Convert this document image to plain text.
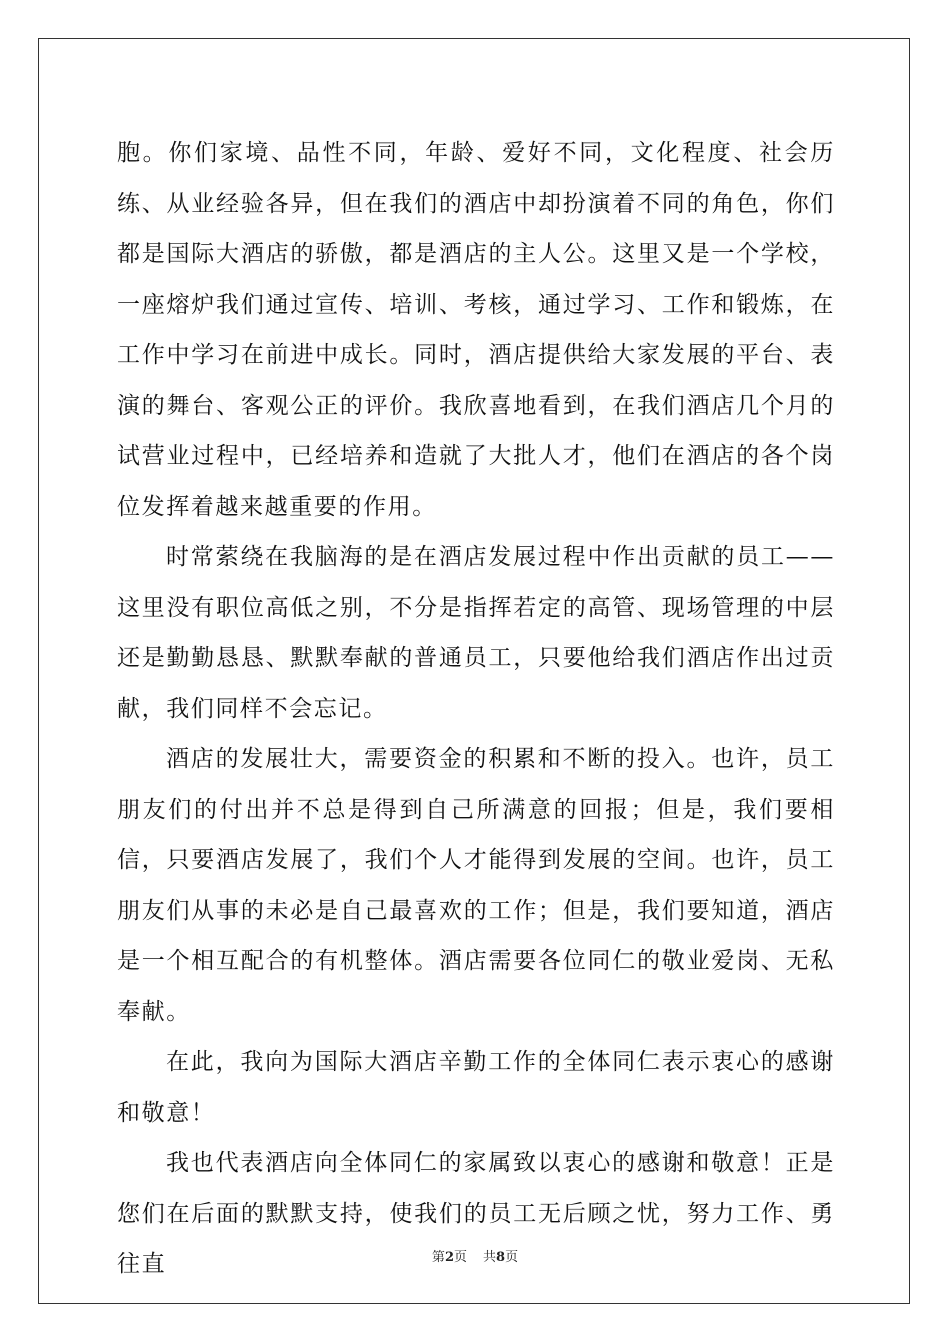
胞。你们家境、品性不同，年龄、爱好不同，文化程度、社会历练、从业经验各异，但在我们的酒店中却扮演着不同的角色，你们都是国际大酒店的骄傲，都是酒店的主人公。这里又是一个学校，一座熔炉我们通过宣传、培训、考核，通过学习、工作和锻炼，在工作中学习在前进中成长。同时，酒店提供给大家发展的平台、表演的舞台、客观公正的评价。我欣喜地看到，在我们酒店几个月的试营业过程中，已经培养和造就了大批人才，他们在酒店的各个岗位发挥着越来越重要的作用。

时常萦绕在我脑海的是在酒店发展过程中作出贡献的员工——这里没有职位高低之别，不分是指挥若定的高管、现场管理的中层还是勤勤恳恳、默默奉献的普通员工，只要他给我们酒店作出过贡献，我们同样不会忘记。

酒店的发展壮大，需要资金的积累和不断的投入。也许，员工朋友们的付出并不总是得到自己所满意的回报；但是，我们要相信，只要酒店发展了，我们个人才能得到发展的空间。也许，员工朋友们从事的未必是自己最喜欢的工作；但是，我们要知道，酒店是一个相互配合的有机整体。酒店需要各位同仁的敬业爱岗、无私奉献。

在此，我向为国际大酒店辛勤工作的全体同仁表示衷心的感谢和敬意！

我也代表酒店向全体同仁的家属致以衷心的感谢和敬意！正是您们在后面的默默支持，使我们的员工无后顾之忧，努力工作、勇往直	第2页 共8页
